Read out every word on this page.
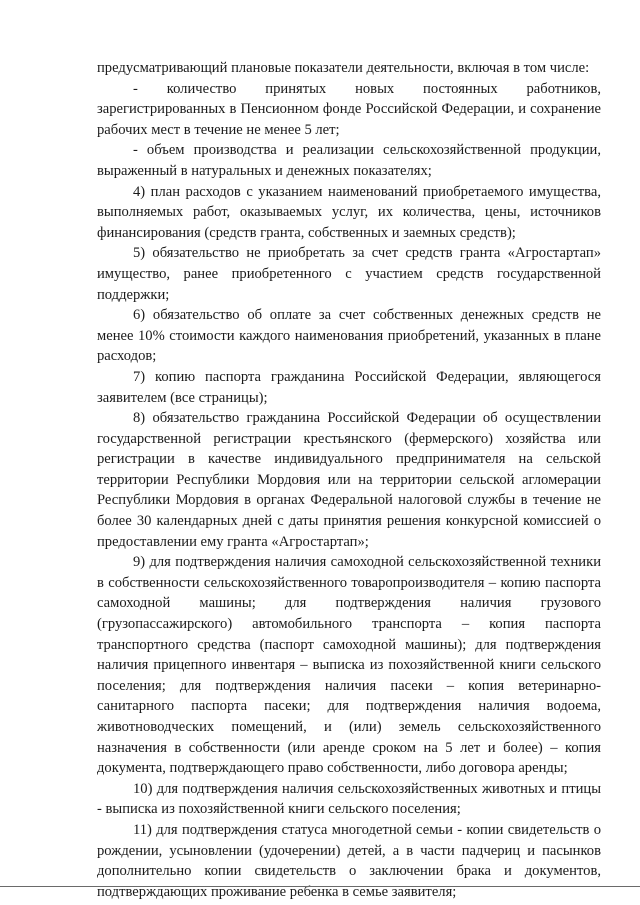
предусматривающий плановые показатели деятельности, включая в том числе:

- количество принятых новых постоянных работников, зарегистрированных в Пенсионном фонде Российской Федерации, и сохранение рабочих мест в течение не менее 5 лет;

- объем производства и реализации сельскохозяйственной продукции, выраженный в натуральных и денежных показателях;

4) план расходов с указанием наименований приобретаемого имущества, выполняемых работ, оказываемых услуг, их количества, цены, источников финансирования (средств гранта, собственных и заемных средств);

5) обязательство не приобретать за счет средств гранта «Агростартап» имущество, ранее приобретенного с участием средств государственной поддержки;

6) обязательство об оплате за счет собственных денежных средств не менее 10% стоимости каждого наименования приобретений, указанных в плане расходов;

7) копию паспорта гражданина Российской Федерации, являющегося заявителем (все страницы);

8) обязательство гражданина Российской Федерации об осуществлении государственной регистрации крестьянского (фермерского) хозяйства или регистрации в качестве индивидуального предпринимателя на сельской территории Республики Мордовия или на территории сельской агломерации Республики Мордовия в органах Федеральной налоговой службы в течение не более 30 календарных дней с даты принятия решения конкурсной комиссией о предоставлении ему гранта «Агростартап»;

9) для подтверждения наличия самоходной сельскохозяйственной техники в собственности сельскохозяйственного товаропроизводителя – копию паспорта самоходной машины; для подтверждения наличия грузового (грузопассажирского) автомобильного транспорта – копия паспорта транспортного средства (паспорт самоходной машины); для подтверждения наличия прицепного инвентаря – выписка из похозяйственной книги сельского поселения; для подтверждения наличия пасеки – копия ветеринарно-санитарного паспорта пасеки; для подтверждения наличия водоема, животноводческих помещений, и (или) земель сельскохозяйственного назначения в собственности (или аренде сроком на 5 лет и более) – копия документа, подтверждающего право собственности, либо договора аренды;

10) для подтверждения наличия сельскохозяйственных животных и птицы - выписка из похозяйственной книги сельского поселения;

11) для подтверждения статуса многодетной семьи - копии свидетельств о рождении, усыновлении (удочерении) детей, а в части падчериц и пасынков дополнительно копии свидетельств о заключении брака и документов, подтверждающих проживание ребенка в семье заявителя;
